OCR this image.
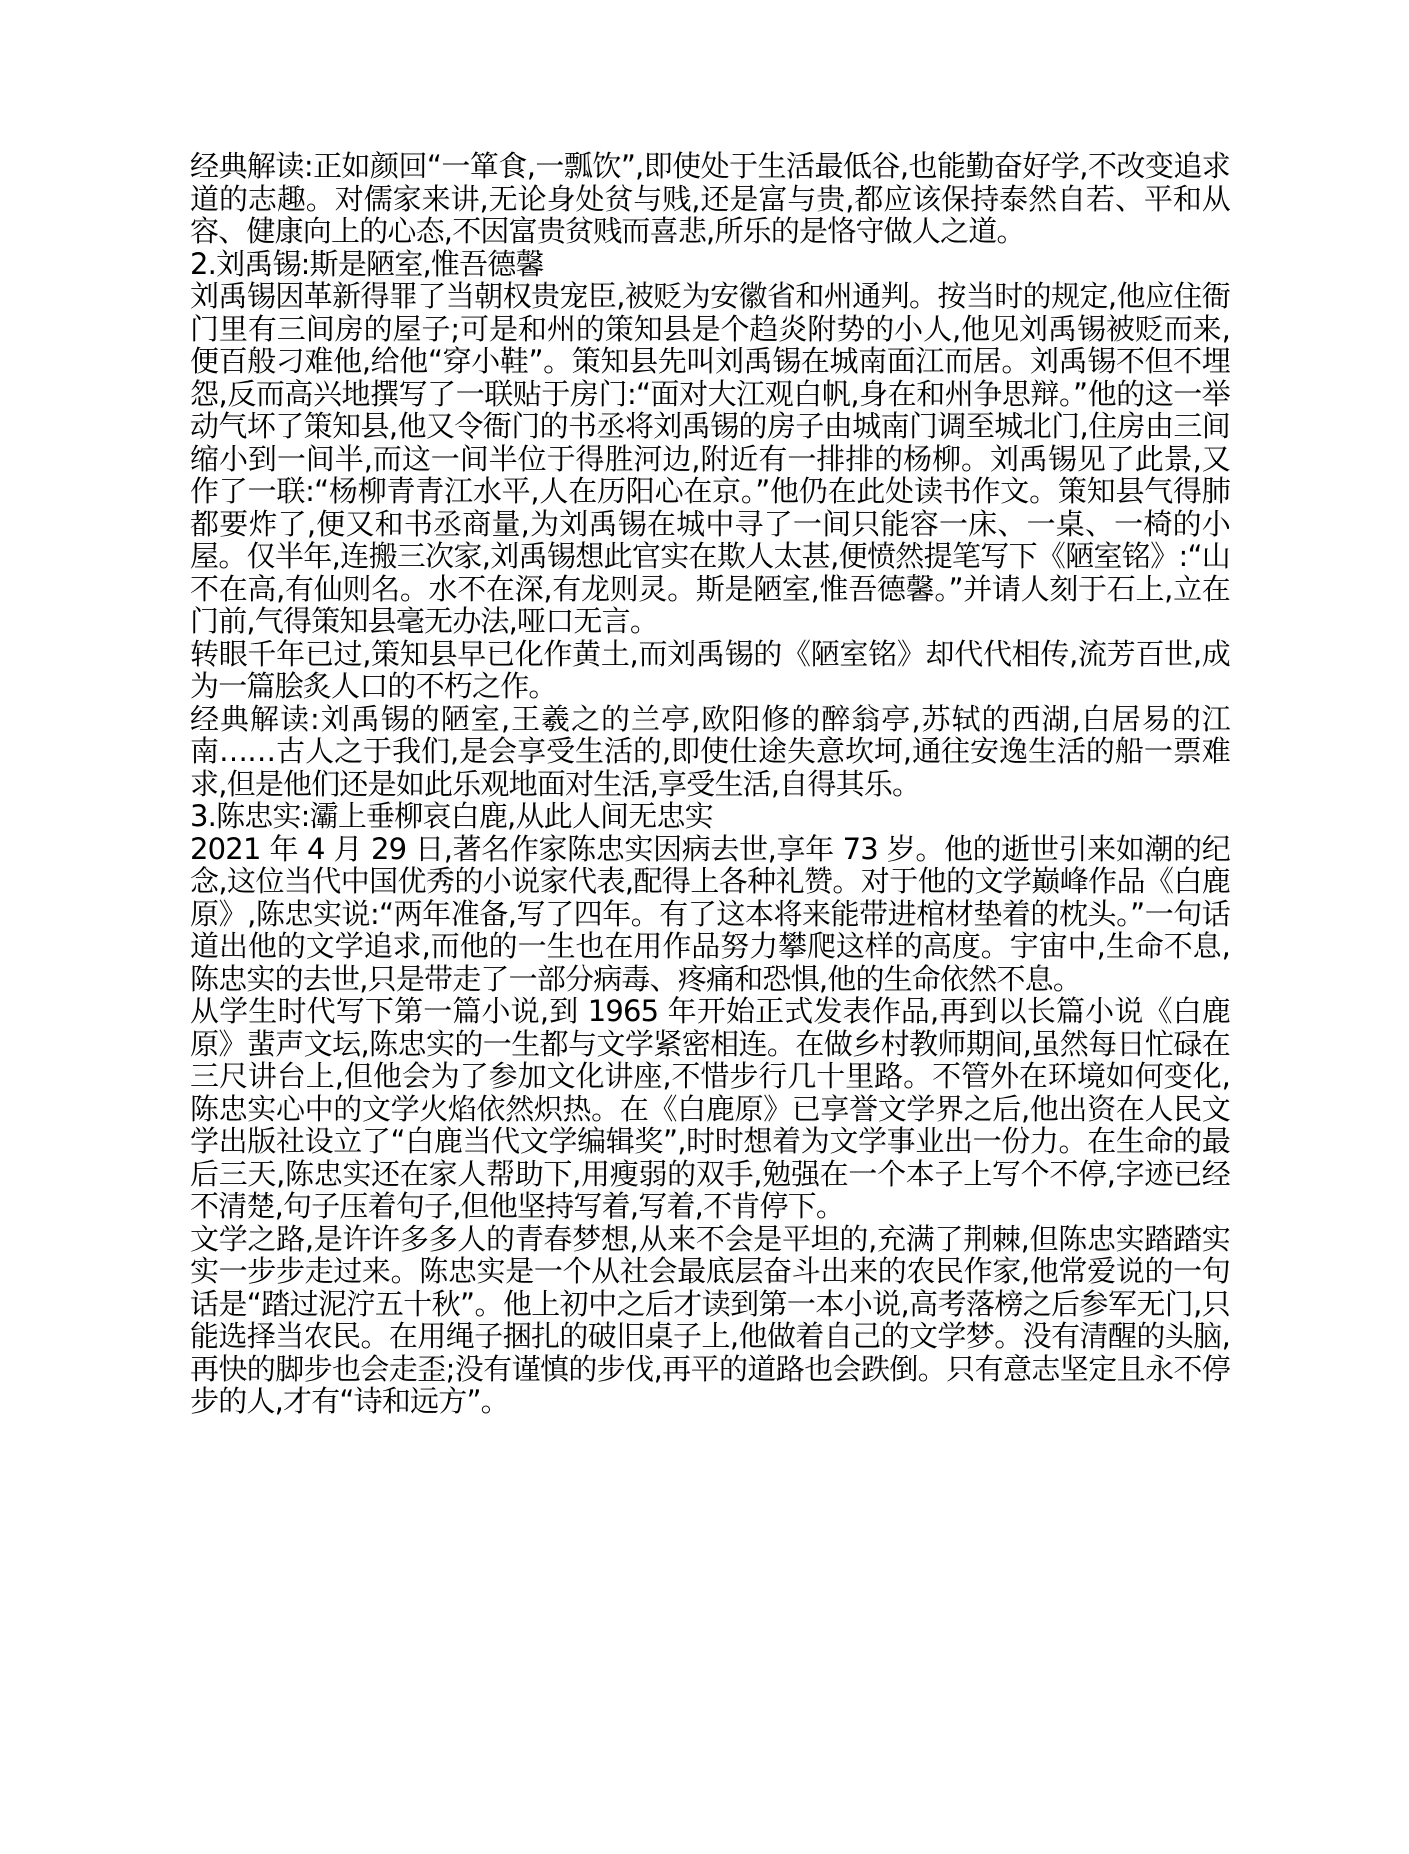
经典解读:正如颜回“一箪食,一瓢饮”,即使处于生活最低谷,也能勤奋好学,不改变追求道的志趣。对儒家来讲,无论身处贫与贱,还是富与贵,都应该保持泰然自若、平和从容、健康向上的心态,不因富贵贫贱而喜悲,所乐的是恪守做人之道。

2.刘禹锡:斯是陋室,惟吾德馨

刘禹锡因革新得罪了当朝权贵宠臣,被贬为安徽省和州通判。按当时的规定,他应住衙门里有三间房的屋子;可是和州的策知县是个趋炎附势的小人,他见刘禹锡被贬而来,便百般刁难他,给他“穿小鞋”。策知县先叫刘禹锡在城南面江而居。刘禹锡不但不埋怨,反而高兴地撰写了一联贴于房门:“面对大江观白帆,身在和州争思辩。”他的这一举动气坏了策知县,他又令衙门的书丞将刘禹锡的房子由城南门调至城北门,住房由三间缩小到一间半,而这一间半位于得胜河边,附近有一排排的杨柳。刘禹锡见了此景,又作了一联:“杨柳青青江水平,人在历阳心在京。”他仍在此处读书作文。策知县气得肺都要炸了,便又和书丞商量,为刘禹锡在城中寻了一间只能容一床、一桌、一椅的小屋。仅半年,连搬三次家,刘禹锡想此官实在欺人太甚,便愤然提笔写下《陋室铭》:“山不在高,有仙则名。水不在深,有龙则灵。斯是陋室,惟吾德馨。”并请人刻于石上,立在门前,气得策知县毫无办法,哑口无言。

转眼千年已过,策知县早已化作黄土,而刘禹锡的《陋室铭》却代代相传,流芳百世,成为一篇脍炙人口的不朽之作。

经典解读:刘禹锡的陋室,王羲之的兰亭,欧阳修的醉翁亭,苏轼的西湖,白居易的江南……古人之于我们,是会享受生活的,即使仕途失意坎坷,通往安逸生活的船一票难求,但是他们还是如此乐观地面对生活,享受生活,自得其乐。

3.陈忠实:灞上垂柳哀白鹿,从此人间无忠实

2021 年 4 月 29 日,著名作家陈忠实因病去世,享年 73 岁。他的逝世引来如潮的纪念,这位当代中国优秀的小说家代表,配得上各种礼赞。对于他的文学巅峰作品《白鹿原》,陈忠实说:“两年准备,写了四年。有了这本将来能带进棺材垫着的枕头。”一句话道出他的文学追求,而他的一生也在用作品努力攀爬这样的高度。宇宙中,生命不息,陈忠实的去世,只是带走了一部分病毒、疼痛和恐惧,他的生命依然不息。

从学生时代写下第一篇小说,到 1965 年开始正式发表作品,再到以长篇小说《白鹿原》蜚声文坛,陈忠实的一生都与文学紧密相连。在做乡村教师期间,虽然每日忙碌在三尺讲台上,但他会为了参加文化讲座,不惜步行几十里路。不管外在环境如何变化,陈忠实心中的文学火焰依然炽热。在《白鹿原》已享誉文学界之后,他出资在人民文学出版社设立了“白鹿当代文学编辑奖”,时时想着为文学事业出一份力。在生命的最后三天,陈忠实还在家人帮助下,用瘦弱的双手,勉强在一个本子上写个不停,字迹已经不清楚,句子压着句子,但他坚持写着,写着,不肯停下。

文学之路,是许许多多人的青春梦想,从来不会是平坦的,充满了荆棘,但陈忠实踏踏实实一步步走过来。陈忠实是一个从社会最底层奋斗出来的农民作家,他常爱说的一句话是“踏过泥泞五十秋”。他上初中之后才读到第一本小说,高考落榜之后参军无门,只能选择当农民。在用绳子捆扎的破旧桌子上,他做着自己的文学梦。没有清醒的头脑,再快的脚步也会走歪;没有谨慎的步伐,再平的道路也会跌倒。只有意志坚定且永不停步的人,才有“诗和远方”。
